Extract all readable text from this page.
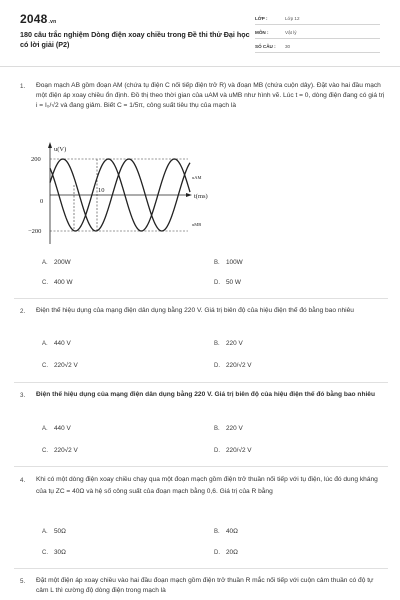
2048.vn
180 câu trắc nghiệm Dòng điện xoay chiều trong Đề thi thử Đại học có lời giải (P2)
LỚP :	Lớp 12
MÔN :	Vật lý
SỐ CÂU : 30
1. Đoạn mạch AB gồm đoạn AM (chứa tụ điện C nối tiếp điện trở R) và đoạn MB (chứa cuộn dây). Đặt vào hai đầu mạch một điện áp xoay chiều ổn định. Đồ thị theo thời gian của uAM và uMB như hình vẽ. Lúc t = 0, dòng điện đang có giá trị i = I₀/√2 và đang giảm. Biết C = 1/5π, công suất tiêu thụ của mạch là
u(V)
200
−200
0
10
t(ms)
uAM
uMB
A. 200W	B. 100W
C. 400 W	D. 50 W
2. Điện thế hiệu dụng của mạng điện dân dụng bằng 220 V. Giá trị biên độ của hiệu điện thế đó bằng bao nhiêu
A. 440 V	B. 220 V
C. 220√2 V	D. 220/√2 V
3. Điện thế hiệu dụng của mạng điện dân dụng bằng 220 V. Giá trị biên độ của hiệu điện thế đó bằng bao nhiêu
A. 440 V	B. 220 V
C. 220√2 V	D. 220/√2 V
4. Khi có một dòng điện xoay chiều chạy qua một đoạn mạch gồm điện trở thuần nối tiếp với tụ điện, lúc đó dung kháng của tụ ZC = 40Ω và hệ số công suất của đoạn mạch bằng 0,6. Giá trị của R bằng
A. 50Ω	B. 40Ω
C. 30Ω	D. 20Ω
5. Đặt một điện áp xoay chiều vào hai đầu đoạn mạch gồm điện trở thuần R mắc nối tiếp với cuộn cảm thuần có độ tự cảm L thì cường độ dòng điện trong mạch là
